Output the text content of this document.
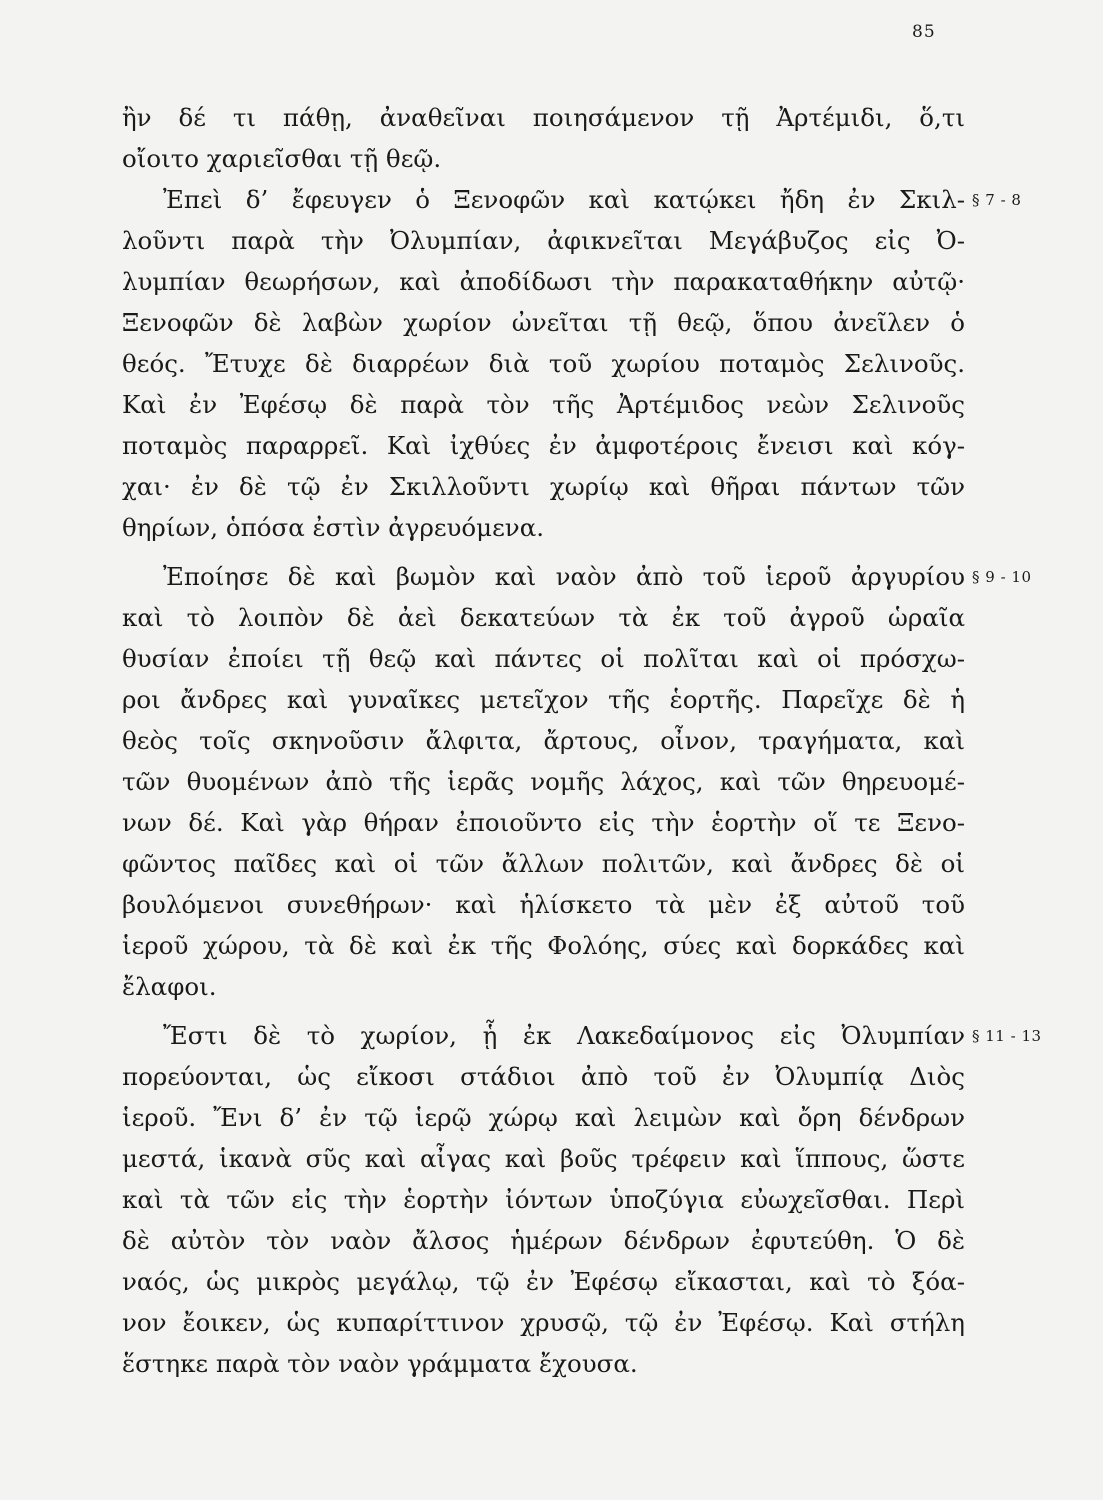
85
ἢν δέ τι πάθῃ, ἀναθεῖναι ποιησάμενον τῇ Ἀρτέμιδι, ὅ,τι
οἴοιτο χαριεῖσθαι τῇ θεῷ.
Ἐπεὶ δ’ ἔφευγεν ὁ Ξενοφῶν καὶ κατῴκει ἤδη ἐν Σκιλ-
λοῦντι παρὰ τὴν Ὀλυμπίαν, ἀφικνεῖται Μεγάβυζος εἰς Ὀ-
λυμπίαν θεωρήσων, καὶ ἀποδίδωσι τὴν παρακαταθήκην αὐτῷ·
Ξενοφῶν δὲ λαβὼν χωρίον ὠνεῖται τῇ θεῷ, ὅπου ἀνεῖλεν ὁ
θεός. Ἔτυχε δὲ διαρρέων διὰ τοῦ χωρίου ποταμὸς Σελινοῦς.
Καὶ ἐν Ἐφέσῳ δὲ παρὰ τὸν τῆς Ἀρτέμιδος νεὼν Σελινοῦς
ποταμὸς παραρρεῖ. Καὶ ἰχθύες ἐν ἀμφοτέροις ἔνεισι καὶ κόγ-
χαι· ἐν δὲ τῷ ἐν Σκιλλοῦντι χωρίῳ καὶ θῆραι πάντων τῶν
θηρίων, ὁπόσα ἐστὶν ἀγρευόμενα.
Ἐποίησε δὲ καὶ βωμὸν καὶ ναὸν ἀπὸ τοῦ ἱεροῦ ἀργυρίου
καὶ τὸ λοιπὸν δὲ ἀεὶ δεκατεύων τὰ ἐκ τοῦ ἀγροῦ ὡραῖα
θυσίαν ἐποίει τῇ θεῷ καὶ πάντες οἱ πολῖται καὶ οἱ πρόσχω-
ροι ἄνδρες καὶ γυναῖκες μετεῖχον τῆς ἑορτῆς. Παρεῖχε δὲ ἡ
θεὸς τοῖς σκηνοῦσιν ἄλφιτα, ἄρτους, οἶνον, τραγήματα, καὶ
τῶν θυομένων ἀπὸ τῆς ἱερᾶς νομῆς λάχος, καὶ τῶν θηρευομέ-
νων δέ. Καὶ γὰρ θήραν ἐποιοῦντο εἰς τὴν ἑορτὴν οἵ τε Ξενο-
φῶντος παῖδες καὶ οἱ τῶν ἄλλων πολιτῶν, καὶ ἄνδρες δὲ οἱ
βουλόμενοι συνεθήρων· καὶ ἡλίσκετο τὰ μὲν ἐξ αὐτοῦ τοῦ
ἱεροῦ χώρου, τὰ δὲ καὶ ἐκ τῆς Φολόης, σύες καὶ δορκάδες καὶ
ἔλαφοι.
Ἔστι δὲ τὸ χωρίον, ᾗ ἐκ Λακεδαίμονος εἰς Ὀλυμπίαν
πορεύονται, ὡς εἴκοσι στάδιοι ἀπὸ τοῦ ἐν Ὀλυμπίᾳ Διὸς
ἱεροῦ. Ἔνι δ’ ἐν τῷ ἱερῷ χώρῳ καὶ λειμὼν καὶ ὄρη δένδρων
μεστά, ἱκανὰ σῦς καὶ αἶγας καὶ βοῦς τρέφειν καὶ ἵππους, ὥστε
καὶ τὰ τῶν εἰς τὴν ἑορτὴν ἰόντων ὑποζύγια εὐωχεῖσθαι. Περὶ
δὲ αὐτὸν τὸν ναὸν ἄλσος ἡμέρων δένδρων ἐφυτεύθη. Ὁ δὲ
ναός, ὡς μικρὸς μεγάλῳ, τῷ ἐν Ἐφέσῳ εἴκασται, καὶ τὸ ξόα-
νον ἔοικεν, ὡς κυπαρίττινον χρυσῷ, τῷ ἐν Ἐφέσῳ. Καὶ στήλη
ἕστηκε παρὰ τὸν ναὸν γράμματα ἔχουσα.
§ 7 - 8
§ 9 - 10
§ 11 - 13
